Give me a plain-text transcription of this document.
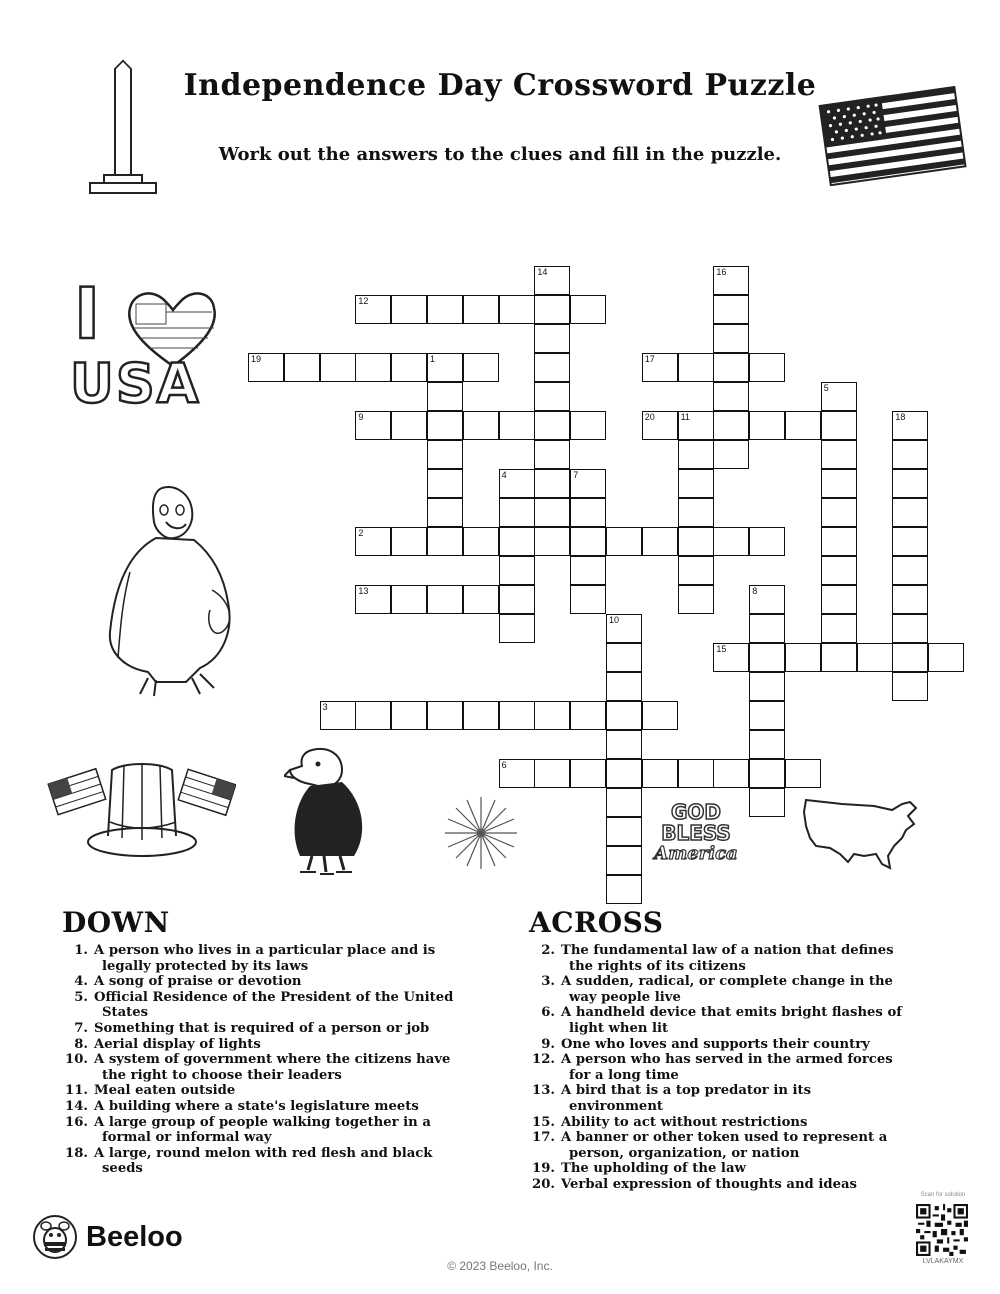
Independence Day Crossword Puzzle
Work out the answers to the clues and fill in the puzzle.
I
USA
GOD
BLESS
America
12
19	1	17
9	20	11
2
13
15
3
6
14	16
5
18
4	7
8
10
DOWN
1. A person who lives in a particular place and is legally protected by its laws
4. A song of praise or devotion
5. Official Residence of the President of the United States
7. Something that is required of a person or job
8. Aerial display of lights
10. A system of government where the citizens have the right to choose their leaders
11. Meal eaten outside
14. A building where a state's legislature meets
16. A large group of people walking together in a formal or informal way
18. A large, round melon with red flesh and black seeds
ACROSS
2. The fundamental law of a nation that defines the rights of its citizens
3. A sudden, radical, or complete change in the way people live
6. A handheld device that emits bright flashes of light when lit
9. One who loves and supports their country
12. A person who has served in the armed forces for a long time
13. A bird that is a top predator in its environment
15. Ability to act without restrictions
17. A banner or other token used to represent a person, organization, or nation
19. The upholding of the law
20. Verbal expression of thoughts and ideas
Beeloo
© 2023 Beeloo, Inc.
Scan for solution
LVLAKAYMX
